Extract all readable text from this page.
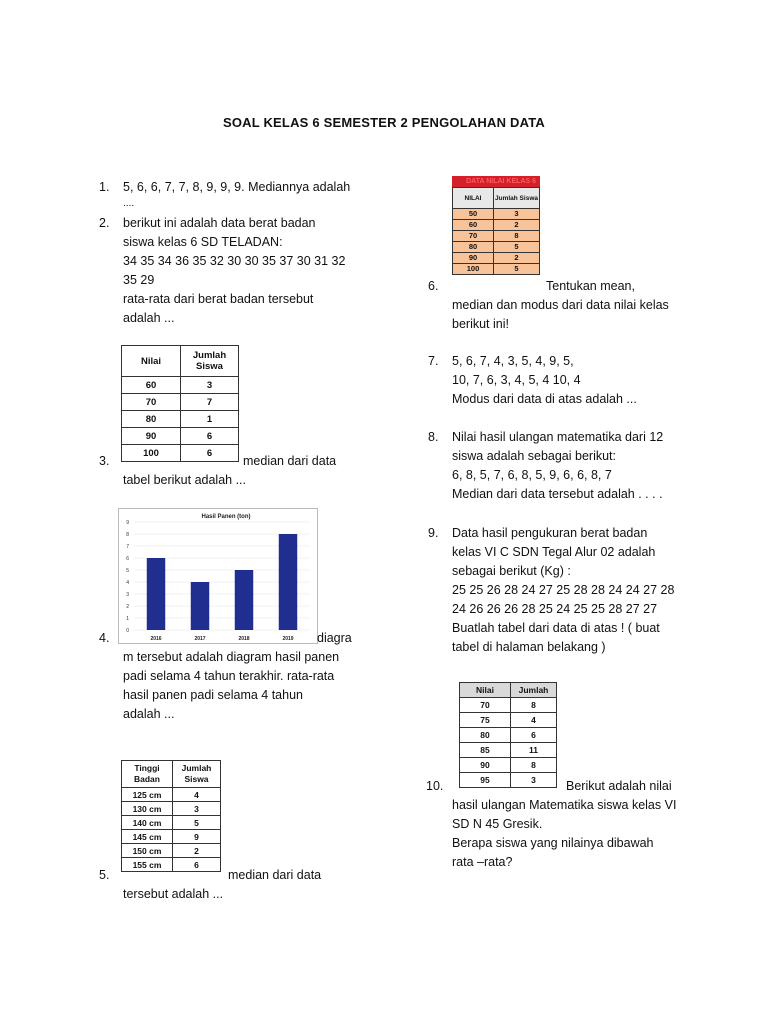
SOAL KELAS 6 SEMESTER 2 PENGOLAHAN DATA
1. 5, 6, 6, 7, 7, 8, 9, 9, 9. Mediannya adalah

....

2. berikut ini adalah data berat badan

siswa kelas 6 SD TELADAN:

34 35 34 36 35 32 30 30 35 37 30 31 32

35 29

rata-rata dari berat badan tersebut

adalah ...

Nilai	Jumlah Siswa
60	3
70	7
80	1
90	6
100	6
3.	median dari data

tabel berikut adalah ...

Hasil Panen (ton)
0
1
2
3
4
5
6
7
8
9
2016	2017	2018	2019
4.	diagra

m tersebut adalah diagram hasil panen

padi selama 4 tahun terakhir. rata-rata

hasil panen padi selama 4 tahun

adalah ...

Tinggi Badan	Jumlah Siswa
125 cm	4
130 cm	3
140 cm	5
145 cm	9
150 cm	2
155 cm	6
5.	median dari data

tersebut adalah ...

DATA NILAI KELAS 6
NILAI	Jumlah Siswa
50	3
60	2
70	8
80	5
90	2
100	5
6.	Tentukan mean,

median dan modus dari data nilai kelas

berikut ini!

7. 5, 6, 7, 4, 3, 5, 4, 9, 5,

10, 7, 6, 3, 4, 5, 4 10, 4

Modus dari data di atas adalah ...

8. Nilai hasil ulangan matematika dari 12

siswa adalah sebagai berikut:

6, 8, 5, 7, 6, 8, 5, 9, 6, 6, 8, 7

Median dari data tersebut adalah . . . .

9. Data hasil pengukuran berat badan

kelas VI C SDN Tegal Alur 02 adalah

sebagai berikut (Kg) :

25 25 26 28 24 27 25 28 28 24 24 27 28

24 26 26 26 28 25 24 25 25 28 27 27

Buatlah tabel dari data di atas ! ( buat

tabel di halaman belakang )

Nilai	Jumlah
70	8
75	4
80	6
85	11
90	8
95	3
10.	Berikut adalah nilai

hasil ulangan Matematika siswa kelas VI

SD N 45 Gresik.

Berapa siswa yang nilainya dibawah

rata –rata?
